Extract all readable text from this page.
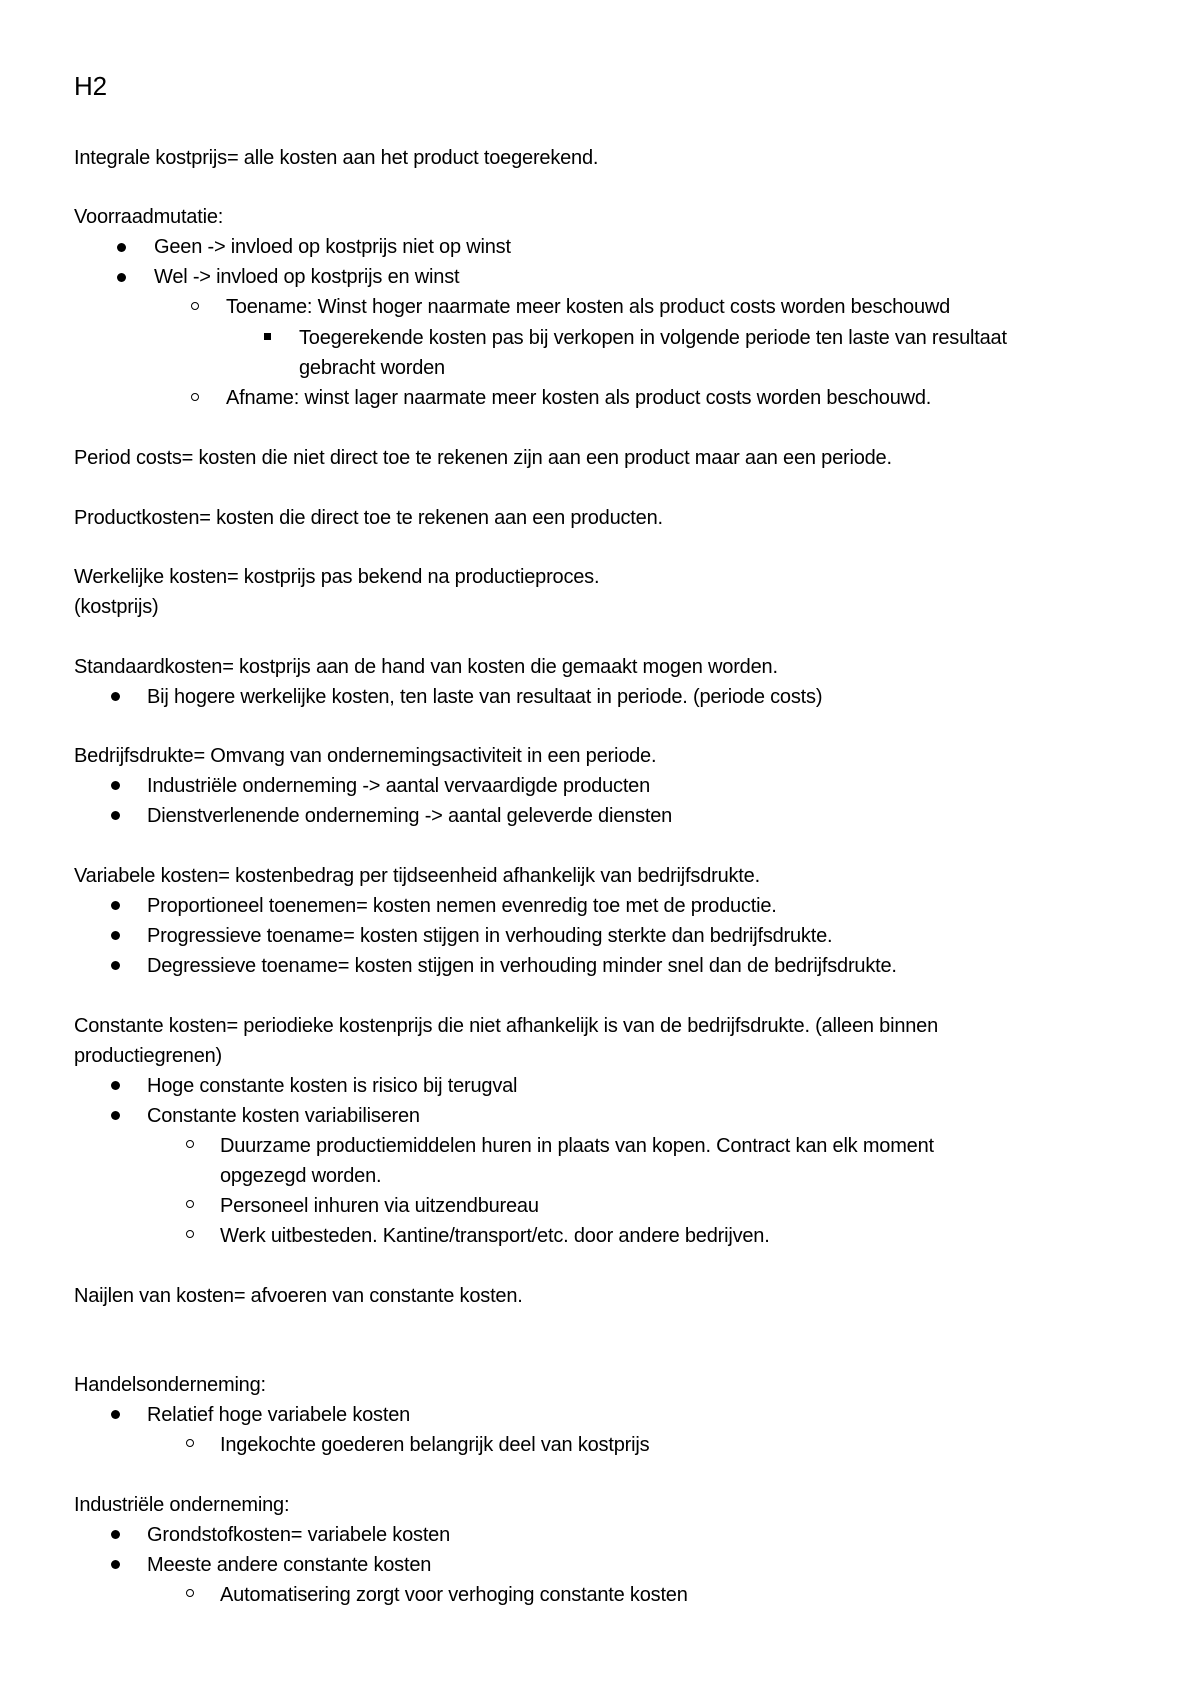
H2
Integrale kostprijs= alle kosten aan het product toegerekend.
Voorraadmutatie:
Geen -> invloed op kostprijs niet op winst
Wel -> invloed op kostprijs en winst
Toename: Winst hoger naarmate meer kosten als product costs worden beschouwd
Toegerekende kosten pas bij verkopen in volgende periode ten laste van resultaat
gebracht worden
Afname: winst lager naarmate meer kosten als product costs worden beschouwd.
Period costs= kosten die niet direct toe te rekenen zijn aan een product maar aan een periode.
Productkosten= kosten die direct toe te rekenen aan een producten.
Werkelijke kosten= kostprijs pas bekend na productieproces.
(kostprijs)
Standaardkosten= kostprijs aan de hand van kosten die gemaakt mogen worden.
Bij hogere werkelijke kosten, ten laste van resultaat in periode. (periode costs)
Bedrijfsdrukte= Omvang van ondernemingsactiviteit in een periode.
Industriële onderneming -> aantal vervaardigde producten
Dienstverlenende onderneming -> aantal geleverde diensten
Variabele kosten= kostenbedrag per tijdseenheid afhankelijk van bedrijfsdrukte.
Proportioneel toenemen= kosten nemen evenredig toe met de productie.
Progressieve toename= kosten stijgen in verhouding sterkte dan bedrijfsdrukte.
Degressieve toename= kosten stijgen in verhouding minder snel dan de bedrijfsdrukte.
Constante kosten= periodieke kostenprijs die niet afhankelijk is van de bedrijfsdrukte. (alleen binnen
productiegrenen)
Hoge constante kosten is risico bij terugval
Constante kosten variabiliseren
Duurzame productiemiddelen huren in plaats van kopen. Contract kan elk moment
opgezegd worden.
Personeel inhuren via uitzendbureau
Werk uitbesteden. Kantine/transport/etc. door andere bedrijven.
Naijlen van kosten= afvoeren van constante kosten.
Handelsonderneming:
Relatief hoge variabele kosten
Ingekochte goederen belangrijk deel van kostprijs
Industriële onderneming:
Grondstofkosten= variabele kosten
Meeste andere constante kosten
Automatisering zorgt voor verhoging constante kosten
